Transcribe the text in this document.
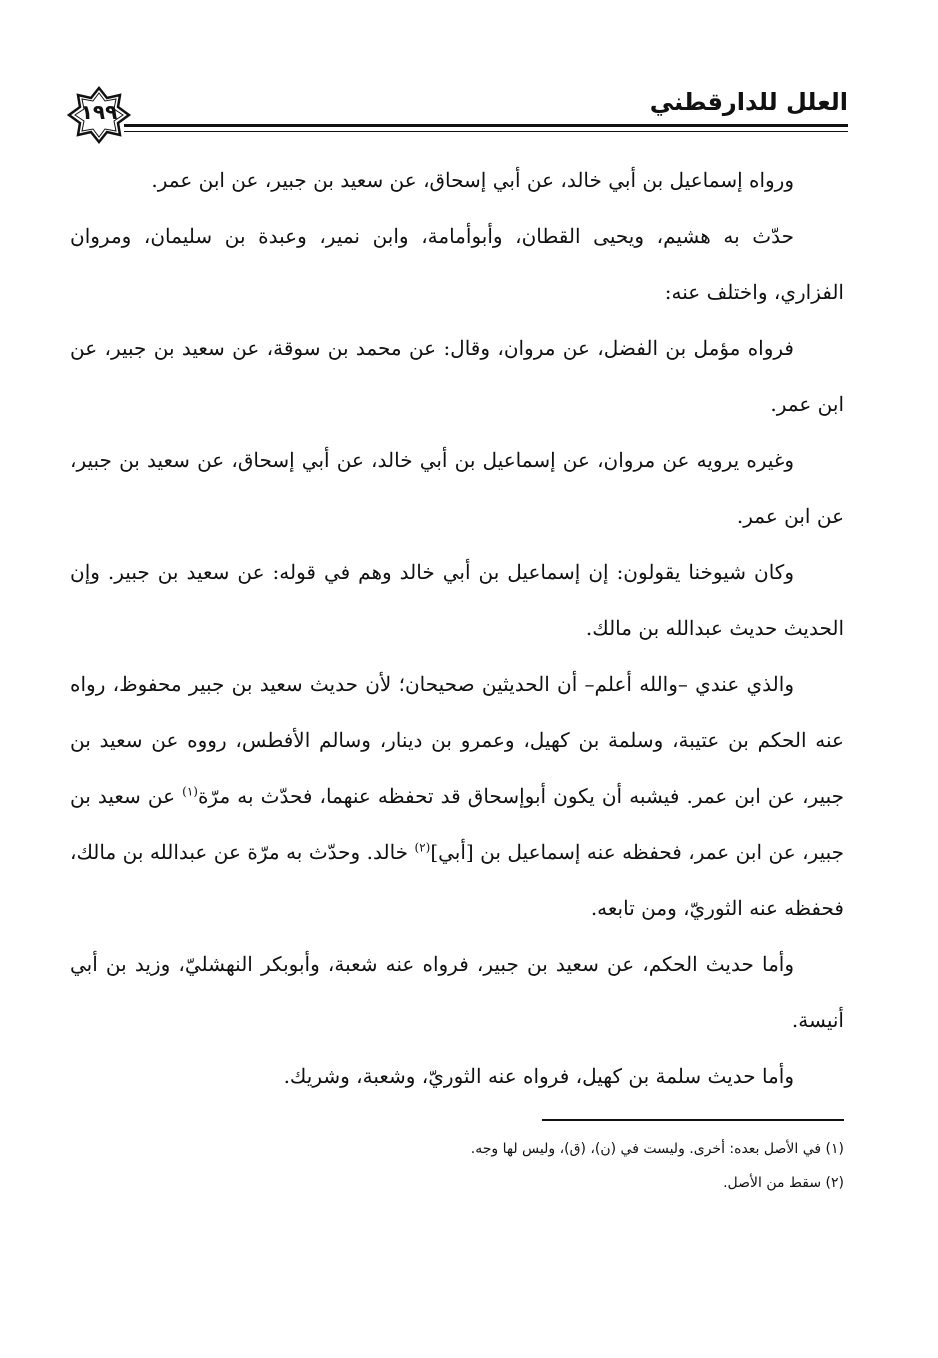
العلل للدارقطني
١٩٩

ورواه إسماعيل بن أبي خالد، عن أبي إسحاق، عن سعيد بن جبير، عن ابن عمر.

حدّث به هشيم، ويحيى القطان، وأبوأمامة، وابن نمير، وعبدة بن سليمان، ومروان الفزاري، واختلف عنه:

فرواه مؤمل بن الفضل، عن مروان، وقال: عن محمد بن سوقة، عن سعيد بن جبير، عن ابن عمر.

وغيره يرويه عن مروان، عن إسماعيل بن أبي خالد، عن أبي إسحاق، عن سعيد بن جبير، عن ابن عمر.

وكان شيوخنا يقولون: إن إسماعيل بن أبي خالد وهم في قوله: عن سعيد بن جبير. وإن الحديث حديث عبدالله بن مالك.

والذي عندي –والله أعلم– أن الحديثين صحيحان؛ لأن حديث سعيد بن جبير محفوظ، رواه عنه الحكم بن عتيبة، وسلمة بن كهيل، وعمرو بن دينار، وسالم الأفطس، رووه عن سعيد بن جبير، عن ابن عمر. فيشبه أن يكون أبوإسحاق قد تحفظه عنهما، فحدّث به مرّة$^{(١)}$ عن سعيد بن جبير، عن ابن عمر، فحفظه عنه إسماعيل بن [أبي]$^{(٢)}$ خالد. وحدّث به مرّة عن عبدالله بن مالك، فحفظه عنه الثوريّ، ومن تابعه.

وأما حديث الحكم، عن سعيد بن جبير، فرواه عنه شعبة، وأبوبكر النهشليّ، وزيد بن أبي أنيسة.

وأما حديث سلمة بن كهيل، فرواه عنه الثوريّ، وشعبة، وشريك.

(١) في الأصل بعده: أخرى. وليست في (ن)، (ق)، وليس لها وجه.
(٢) سقط من الأصل.
